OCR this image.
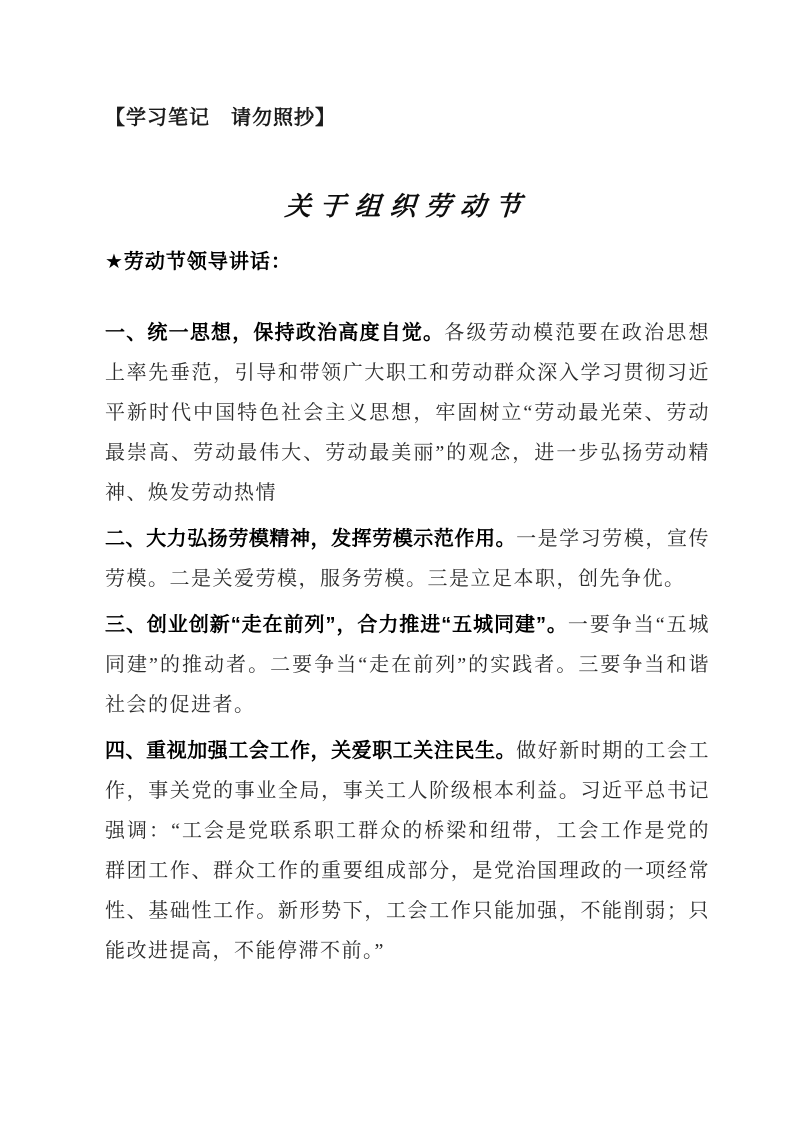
【学习笔记　请勿照抄】
关于组织劳动节
★劳动节领导讲话：

一、统一思想，保持政治高度自觉。各级劳动模范要在政治思想上率先垂范，引导和带领广大职工和劳动群众深入学习贯彻习近平新时代中国特色社会主义思想，牢固树立“劳动最光荣、劳动最崇高、劳动最伟大、劳动最美丽”的观念，进一步弘扬劳动精神、焕发劳动热情

二、大力弘扬劳模精神，发挥劳模示范作用。一是学习劳模，宣传劳模。二是关爱劳模，服务劳模。三是立足本职，创先争优。

三、创业创新“走在前列”，合力推进“五城同建”。一要争当“五城同建”的推动者。二要争当“走在前列”的实践者。三要争当和谐社会的促进者。

四、重视加强工会工作，关爱职工关注民生。做好新时期的工会工作，事关党的事业全局，事关工人阶级根本利益。习近平总书记强调：“工会是党联系职工群众的桥梁和纽带，工会工作是党的群团工作、群众工作的重要组成部分，是党治国理政的一项经常性、基础性工作。新形势下，工会工作只能加强，不能削弱；只能改进提高，不能停滞不前。”
